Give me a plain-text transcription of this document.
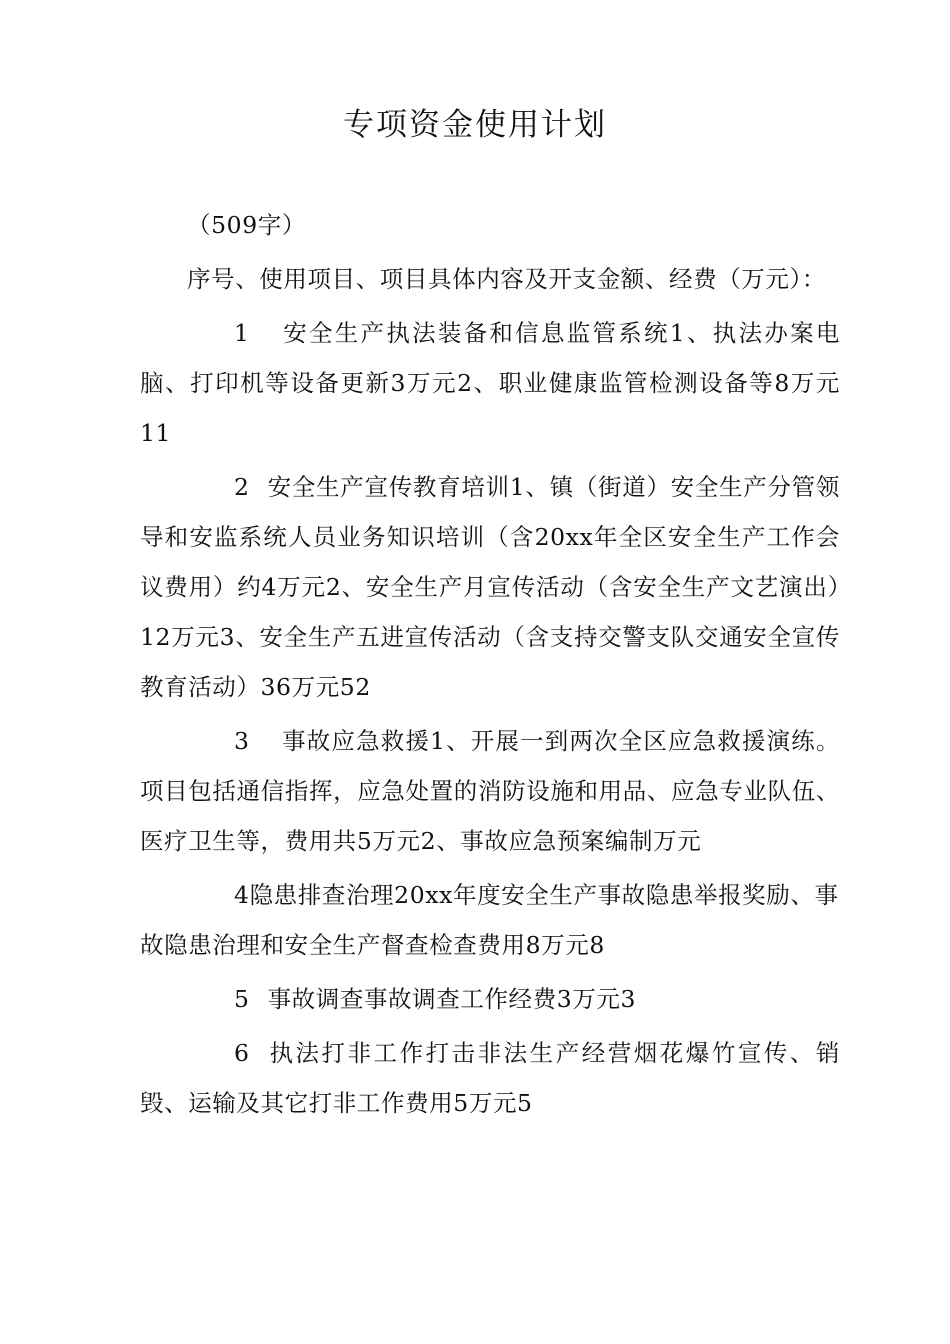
专项资金使用计划

（509字）

序号、使用项目、项目具体内容及开支金额、经费（万元）：

1 安全生产执法装备和信息监管系统1、执法办案电脑、打印机等设备更新3万元2、职业健康监管检测设备等8万元11

2 安全生产宣传教育培训1、镇（街道）安全生产分管领导和安监系统人员业务知识培训（含20xx年全区安全生产工作会议费用）约4万元2、安全生产月宣传活动（含安全生产文艺演出）12万元3、安全生产五进宣传活动（含支持交警支队交通安全宣传教育活动）36万元52

3 事故应急救援1、开展一到两次全区应急救援演练。项目包括通信指挥，应急处置的消防设施和用品、应急专业队伍、医疗卫生等，费用共5万元2、事故应急预案编制万元

4隐患排查治理20xx年度安全生产事故隐患举报奖励、事故隐患治理和安全生产督查检查费用8万元8

5 事故调查事故调查工作经费3万元3

6 执法打非工作打击非法生产经营烟花爆竹宣传、销毁、运输及其它打非工作费用5万元5
